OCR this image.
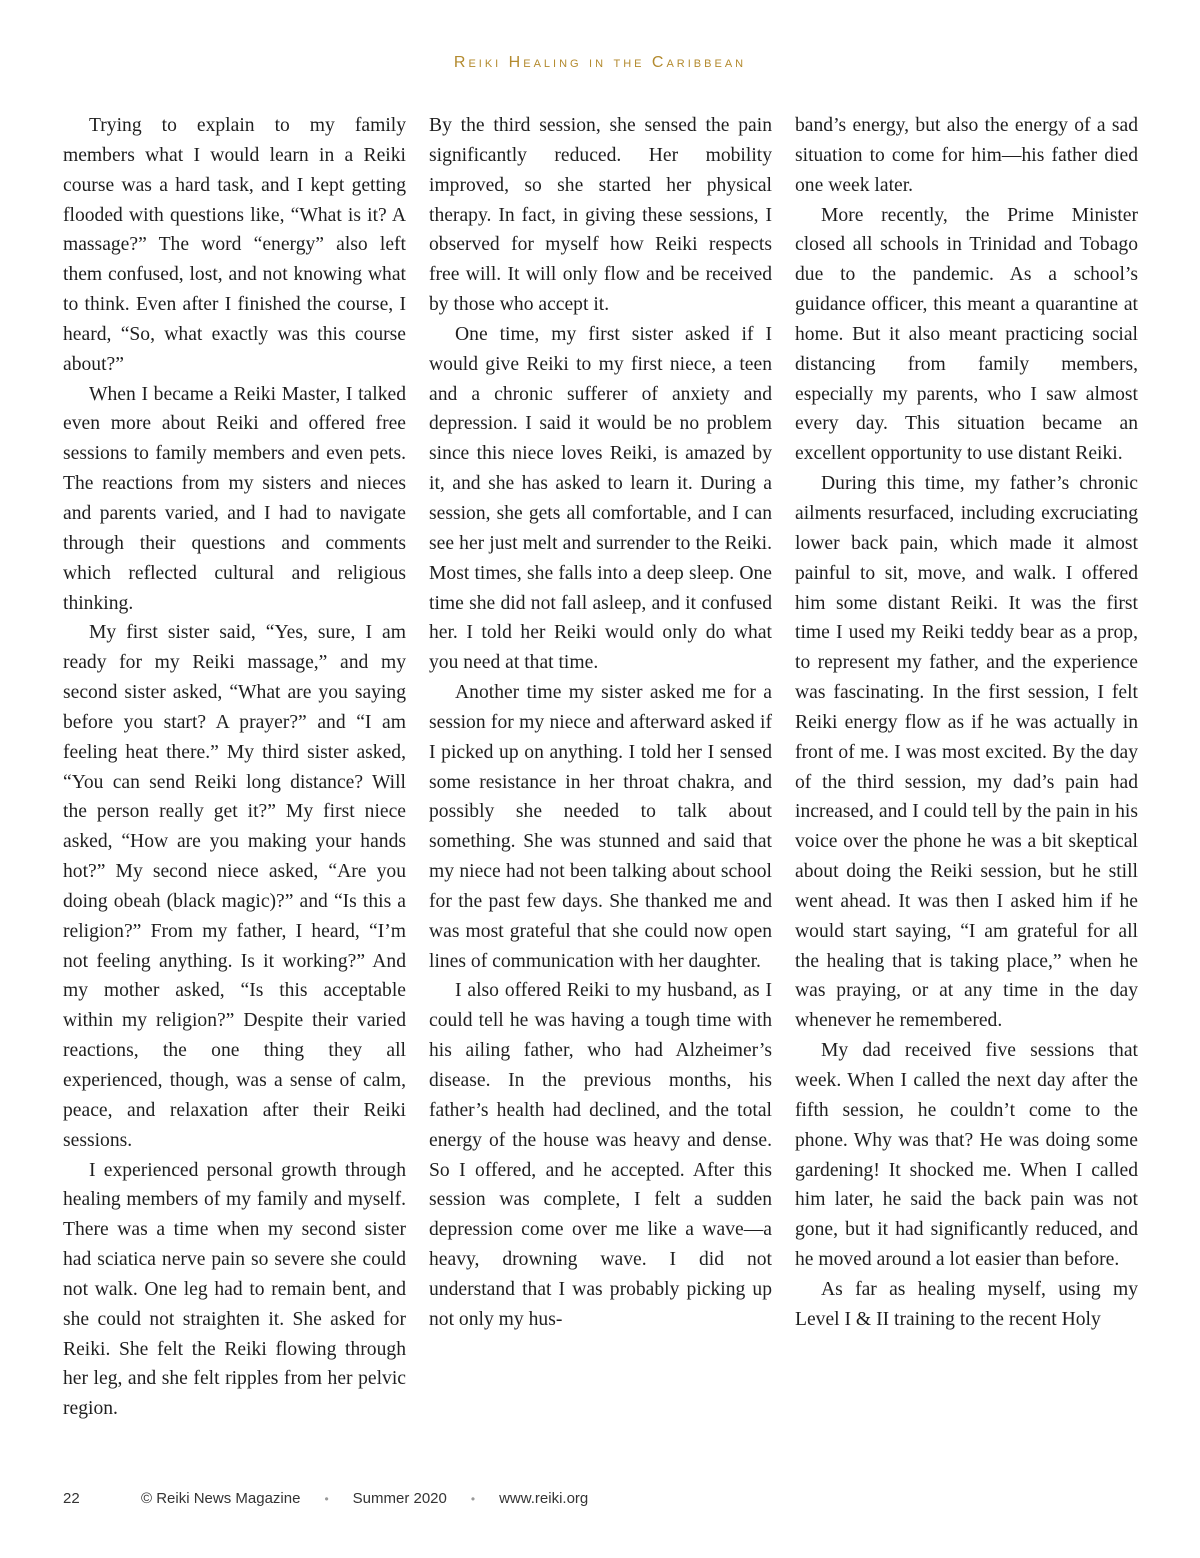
Reiki Healing in the Caribbean

Trying to explain to my family members what I would learn in a Reiki course was a hard task, and I kept getting flooded with questions like, “What is it? A massage?” The word “energy” also left them confused, lost, and not knowing what to think. Even after I finished the course, I heard, “So, what exactly was this course about?”

When I became a Reiki Master, I talked even more about Reiki and offered free sessions to family members and even pets. The reactions from my sisters and nieces and parents varied, and I had to navigate through their questions and comments which reflected cultural and religious thinking.

My first sister said, “Yes, sure, I am ready for my Reiki massage,” and my second sister asked, “What are you saying before you start? A prayer?” and “I am feeling heat there.” My third sister asked, “You can send Reiki long distance? Will the person really get it?” My first niece asked, “How are you making your hands hot?” My second niece asked, “Are you doing obeah (black magic)?” and “Is this a religion?” From my father, I heard, “I’m not feeling anything. Is it working?” And my mother asked, “Is this acceptable within my religion?” Despite their varied reactions, the one thing they all experienced, though, was a sense of calm, peace, and relaxation after their Reiki sessions.

I experienced personal growth through healing members of my family and myself. There was a time when my second sister had sciatica nerve pain so severe she could not walk. One leg had to remain bent, and she could not straighten it. She asked for Reiki. She felt the Reiki flowing through her leg, and she felt ripples from her pelvic region.

By the third session, she sensed the pain significantly reduced. Her mobility improved, so she started her physical therapy. In fact, in giving these sessions, I observed for myself how Reiki respects free will. It will only flow and be received by those who accept it.

One time, my first sister asked if I would give Reiki to my first niece, a teen and a chronic sufferer of anxiety and depression. I said it would be no problem since this niece loves Reiki, is amazed by it, and she has asked to learn it. During a session, she gets all comfortable, and I can see her just melt and surrender to the Reiki. Most times, she falls into a deep sleep. One time she did not fall asleep, and it confused her. I told her Reiki would only do what you need at that time.

Another time my sister asked me for a session for my niece and afterward asked if I picked up on anything. I told her I sensed some resistance in her throat chakra, and possibly she needed to talk about something. She was stunned and said that my niece had not been talking about school for the past few days. She thanked me and was most grateful that she could now open lines of communication with her daughter.

I also offered Reiki to my husband, as I could tell he was having a tough time with his ailing father, who had Alzheimer’s disease. In the previous months, his father’s health had declined, and the total energy of the house was heavy and dense. So I offered, and he accepted. After this session was complete, I felt a sudden depression come over me like a wave—a heavy, drowning wave. I did not understand that I was probably picking up not only my hus-

band’s energy, but also the energy of a sad situation to come for him—his father died one week later.

More recently, the Prime Minister closed all schools in Trinidad and Tobago due to the pandemic. As a school’s guidance officer, this meant a quarantine at home. But it also meant practicing social distancing from family members, especially my parents, who I saw almost every day. This situation became an excellent opportunity to use distant Reiki.

During this time, my father’s chronic ailments resurfaced, including excruciating lower back pain, which made it almost painful to sit, move, and walk. I offered him some distant Reiki. It was the first time I used my Reiki teddy bear as a prop, to represent my father, and the experience was fascinating. In the first session, I felt Reiki energy flow as if he was actually in front of me. I was most excited. By the day of the third session, my dad’s pain had increased, and I could tell by the pain in his voice over the phone he was a bit skeptical about doing the Reiki session, but he still went ahead. It was then I asked him if he would start saying, “I am grateful for all the healing that is taking place,” when he was praying, or at any time in the day whenever he remembered.

My dad received five sessions that week. When I called the next day after the fifth session, he couldn’t come to the phone. Why was that? He was doing some gardening! It shocked me. When I called him later, he said the back pain was not gone, but it had significantly reduced, and he moved around a lot easier than before.

As far as healing myself, using my Level I & II training to the recent Holy

22	© Reiki News Magazine • Summer 2020 • www.reiki.org
